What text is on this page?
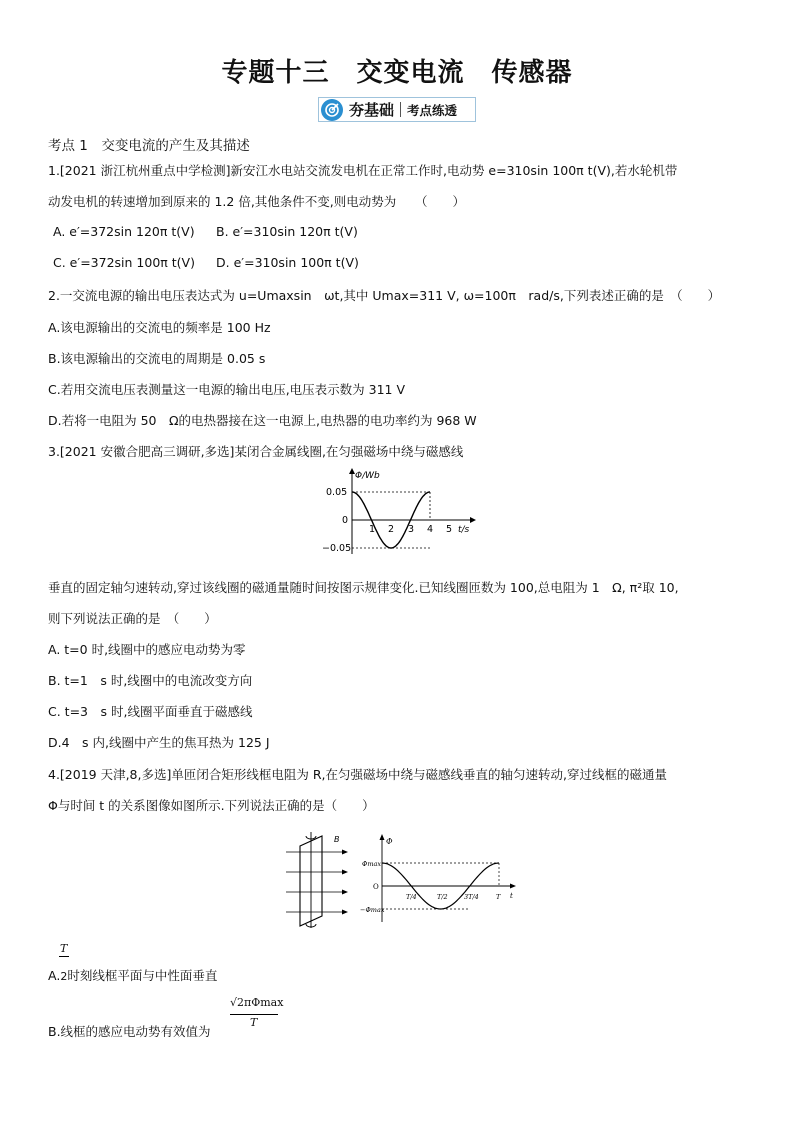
专题十三　交变电流　传感器
夯基础 考点练透
考点 1　交变电流的产生及其描述
1.[2021 浙江杭州重点中学检测]新安江水电站交流发电机在正常工作时,电动势 e=310sin 100π t(V),若水轮机带
动发电机的转速增加到原来的 1.2 倍,其他条件不变,则电动势为　　（　　）
A. e′=372sin 120π t(V) B. e′=310sin 120π t(V)
C. e′=372sin 100π t(V) D. e′=310sin 100π t(V)
2.一交流电源的输出电压表达式为 u=Umaxsin　ωt,其中 Umax=311 V, ω=100π　rad/s,下列表述正确的是　（　　）
A.该电源输出的交流电的频率是 100 Hz
B.该电源输出的交流电的周期是 0.05 s
C.若用交流电压表测量这一电源的输出电压,电压表示数为 311 V
D.若将一电阻为 50　Ω的电热器接在这一电源上,电热器的电功率约为 968 W
3.[2021 安徽合肥高三调研,多选]某闭合金属线圈,在匀强磁场中绕与磁感线
Φ/Wb
t/s
0.05
0
−0.05
1 2 3 4 5
垂直的固定轴匀速转动,穿过该线圈的磁通量随时间按图示规律变化.已知线圈匝数为 100,总电阻为 1　Ω, π²取 10,
则下列说法正确的是　（　　）
A. t=0 时,线圈中的感应电动势为零
B. t=1　s 时,线圈中的电流改变方向
C. t=3　s 时,线圈平面垂直于磁感线
D.4　s 内,线圈中产生的焦耳热为 125 J
4.[2019 天津,8,多选]单匝闭合矩形线框电阻为 R,在匀强磁场中绕与磁感线垂直的轴匀速转动,穿过线框的磁通量
Φ与时间 t 的关系图像如图所示.下列说法正确的是（　　）
B	Φ
t
Φmax
O
−Φmax
T/4	T/2	3T/4	T
T
A.2时刻线框平面与中性面垂直
B.线框的感应电动势有效值为
√2πΦmax
T
